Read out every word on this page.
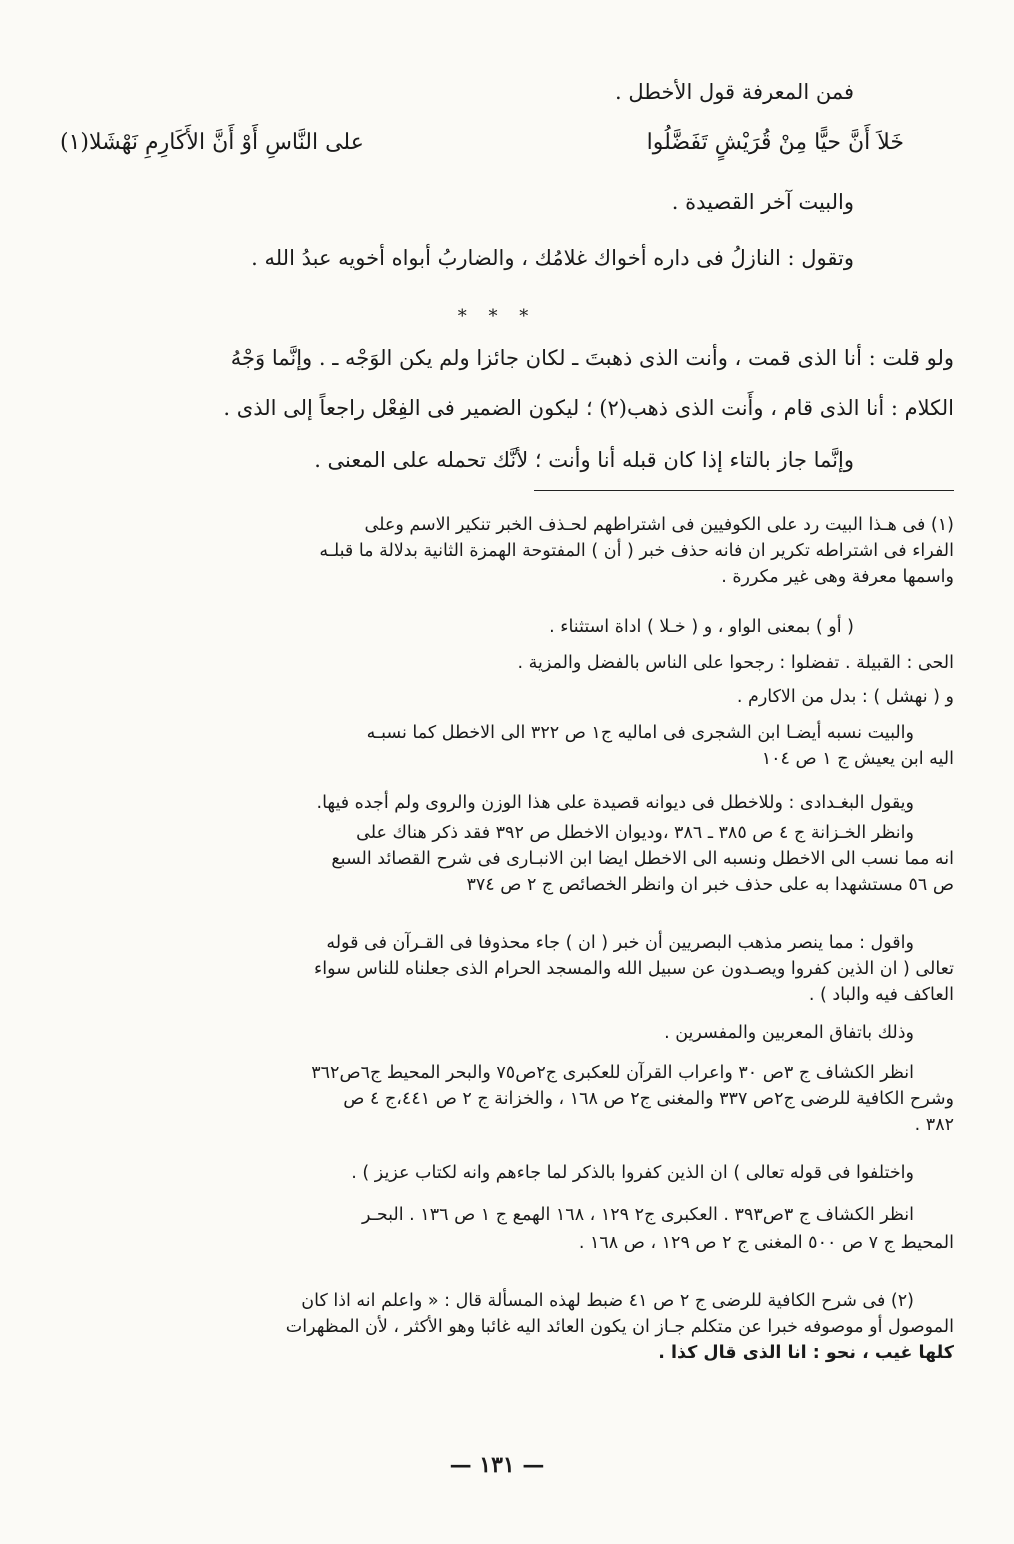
فمن المعرفة قول الأخطل .
خَلاَ أَنَّ حيًّا مِنْ قُرَيْشٍ تَفَضَّلُوا
على النَّاسِ أَوْ أَنَّ الأَكَارِمِ نَهْشَلا(١)
والبيت آخر القصيدة .
وتقول : النازلُ فى داره أخواك غلامُك ، والضاربُ أبواه أخويه عبدُ الله .
* * *
ولو قلت : أنا الذى قمت ، وأنت الذى ذهبتَ ـ لكان جائزا ولم يكن الوَجْه ـ . وإنَّما وَجْهُ
الكلام : أنا الذى قام ، وأَنت الذى ذهب(٢) ؛ ليكون الضمير فى الفِعْل راجعاً إلى الذى .
وإنَّما جاز بالتاء إذا كان قبله أنا وأنت ؛ لأنَّك تحمله على المعنى .
(١) فى هـذا البيت رد على الكوفيين فى اشتراطهم لحـذف الخبر تنكير الاسم وعلى
الفراء فى اشتراطه تكرير ان فانه حذف خبر ( أن ) المفتوحة الهمزة الثانية بدلالة ما قبلـه
واسمها معرفة وهى غير مكررة .
( أو ) بمعنى الواو ، و ( خـلا ) اداة استثناء .
الحى : القبيلة . تفضلوا : رجحوا على الناس بالفضل والمزية .
و ( نهشل ) : بدل من الاكارم .
والبيت نسبه أيضـا ابن الشجرى فى اماليه ج١ ص ٣٢٢ الى الاخطل كما نسبـه
اليه ابن يعيش ج ١ ص ١٠٤
ويقول البغـدادى : وللاخطل فى ديوانه قصيدة على هذا الوزن والروى ولم أجده فيها.
وانظر الخـزانة ج ٤ ص ٣٨٥ ـ ٣٨٦ ،وديوان الاخطل ص ٣٩٢ فقد ذكر هناك على
انه مما نسب الى الاخطل ونسبه الى الاخطل ايضا ابن الانبـارى فى شرح القصائد السبع
ص ٥٦ مستشهدا به على حذف خبر ان وانظر الخصائص ج ٢ ص ٣٧٤
واقول : مما ينصر مذهب البصريين أن خبر ( ان ) جاء محذوفا فى القـرآن فى قوله
تعالى ( ان الذين كفروا ويصـدون عن سبيل الله والمسجد الحرام الذى جعلناه للناس سواء
العاكف فيه والباد ) .
وذلك باتفاق المعربين والمفسرين .
انظر الكشاف ج ٣ص ٣٠ واعراب القرآن للعكبرى ج٢ص٧٥ والبحر المحيط ج٦ص٣٦٢
وشرح الكافية للرضى ج٢ص ٣٣٧ والمغنى ج٢ ص ١٦٨ ، والخزانة ج ٢ ص ٤٤١،ج ٤ ص
٣٨٢ .
واختلفوا فى قوله تعالى ) ان الذين كفروا بالذكر لما جاءهم وانه لكتاب عزيز ) .
انظر الكشاف ج ٣ص٣٩٣ . العكبرى ج٢ ١٢٩ ، ١٦٨ الهمع ج ١ ص ١٣٦ . البحـر
المحيط ج ٧ ص ٥٠٠ المغنى ج ٢ ص ١٢٩ ، ص ١٦٨ .
(٢) فى شرح الكافية للرضى ج ٢ ص ٤١ ضبط لهذه المسألة قال : « واعلم انه اذا كان
الموصول أو موصوفه خبرا عن متكلم جـاز ان يكون العائد اليه غائبا وهو الأكثر ، لأن المظهرات
كلها غيب ، نحو : انا الذى قال كذا .
— ١٣١ —
